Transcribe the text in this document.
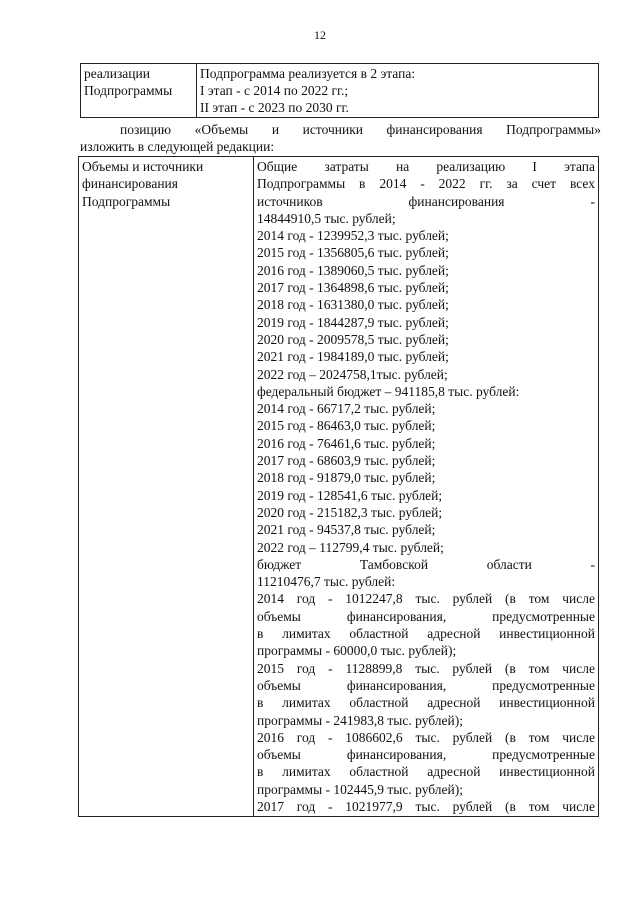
12
реализации
Подпрограммы

Подпрограмма реализуется в 2 этапа:
I этап - с 2014 по 2022 гг.;
II этап - с 2023 по 2030 гг.
позицию «Объемы и источники финансирования Подпрограммы»
изложить в следующей редакции:
Объемы и источники
финансирования
Подпрограммы

Общие затраты на реализацию I этапа
Подпрограммы в 2014 - 2022 гг. за счет всех
источников финансирования -
14844910,5 тыс. рублей;
2014 год - 1239952,3 тыс. рублей;
2015 год - 1356805,6 тыс. рублей;
2016 год - 1389060,5 тыс. рублей;
2017 год - 1364898,6 тыс. рублей;
2018 год - 1631380,0 тыс. рублей;
2019 год - 1844287,9 тыс. рублей;
2020 год - 2009578,5 тыс. рублей;
2021 год - 1984189,0 тыс. рублей;
2022 год – 2024758,1тыс. рублей;
федеральный бюджет – 941185,8 тыс. рублей:
2014 год - 66717,2 тыс. рублей;
2015 год - 86463,0 тыс. рублей;
2016 год - 76461,6 тыс. рублей;
2017 год - 68603,9 тыс. рублей;
2018 год - 91879,0 тыс. рублей;
2019 год - 128541,6 тыс. рублей;
2020 год - 215182,3 тыс. рублей;
2021 год - 94537,8 тыс. рублей;
2022 год – 112799,4 тыс. рублей;
бюджет Тамбовской области -
11210476,7 тыс. рублей:
2014 год - 1012247,8 тыс. рублей (в том числе
объемы финансирования, предусмотренные
в лимитах областной адресной инвестиционной
программы - 60000,0 тыс. рублей);
2015 год - 1128899,8 тыс. рублей (в том числе
объемы финансирования, предусмотренные
в лимитах областной адресной инвестиционной
программы - 241983,8 тыс. рублей);
2016 год - 1086602,6 тыс. рублей (в том числе
объемы финансирования, предусмотренные
в лимитах областной адресной инвестиционной
программы - 102445,9 тыс. рублей);
2017 год - 1021977,9 тыс. рублей (в том числе
